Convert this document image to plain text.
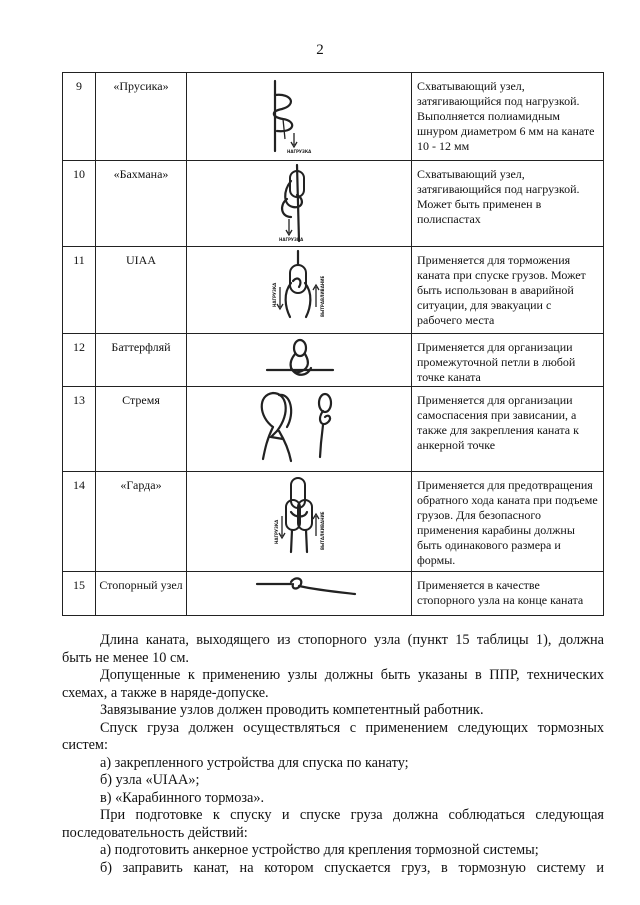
2
9	«Прусика»	НАГРУЗКА	Схватывающий узел, затягивающийся под нагрузкой. Выполняется полиамидным шнуром диаметром 6 мм на канате 10 - 12 мм
10	«Бахмана»	НАГРУЗКА	Схватывающий узел, затягивающийся под нагрузкой. Может быть применен в полиспастах
11	UIAA	НАГРУЗКА ВЫТРАВЛИВАНИЕ	Применяется для торможения каната при спуске грузов. Может быть использован в аварийной ситуации, для эвакуации с рабочего места
12	Баттерфляй		Применяется для организации промежуточной петли в любой точке каната
13	Стремя		Применяется для организации самоспасения при зависании, а также для закрепления каната к анкерной точке
14	«Гарда»	НАГРУЗКА ВЫТАЛКИВАНИЕ	Применяется для предотвращения обратного хода каната при подъеме грузов. Для безопасного применения карабины должны быть одинакового размера и формы.
15	Стопорный узел		Применяется в качестве стопорного узла на конце каната

Длина каната, выходящего из стопорного узла (пункт 15 таблицы 1), должна

быть не менее 10 см.

Допущенные к применению узлы должны быть указаны в ППР, технических

схемах, а также в наряде-допуске.

Завязывание узлов должен проводить компетентный работник.

Спуск груза должен осуществляться с применением следующих тормозных

систем:

а) закрепленного устройства для спуска по канату;

б) узла «UIAA»;

в) «Карабинного тормоза».

При подготовке к спуску и спуске груза должна соблюдаться следующая

последовательность действий:

а) подготовить анкерное устройство для крепления тормозной системы;

б) заправить канат, на котором спускается груз, в тормозную систему и
